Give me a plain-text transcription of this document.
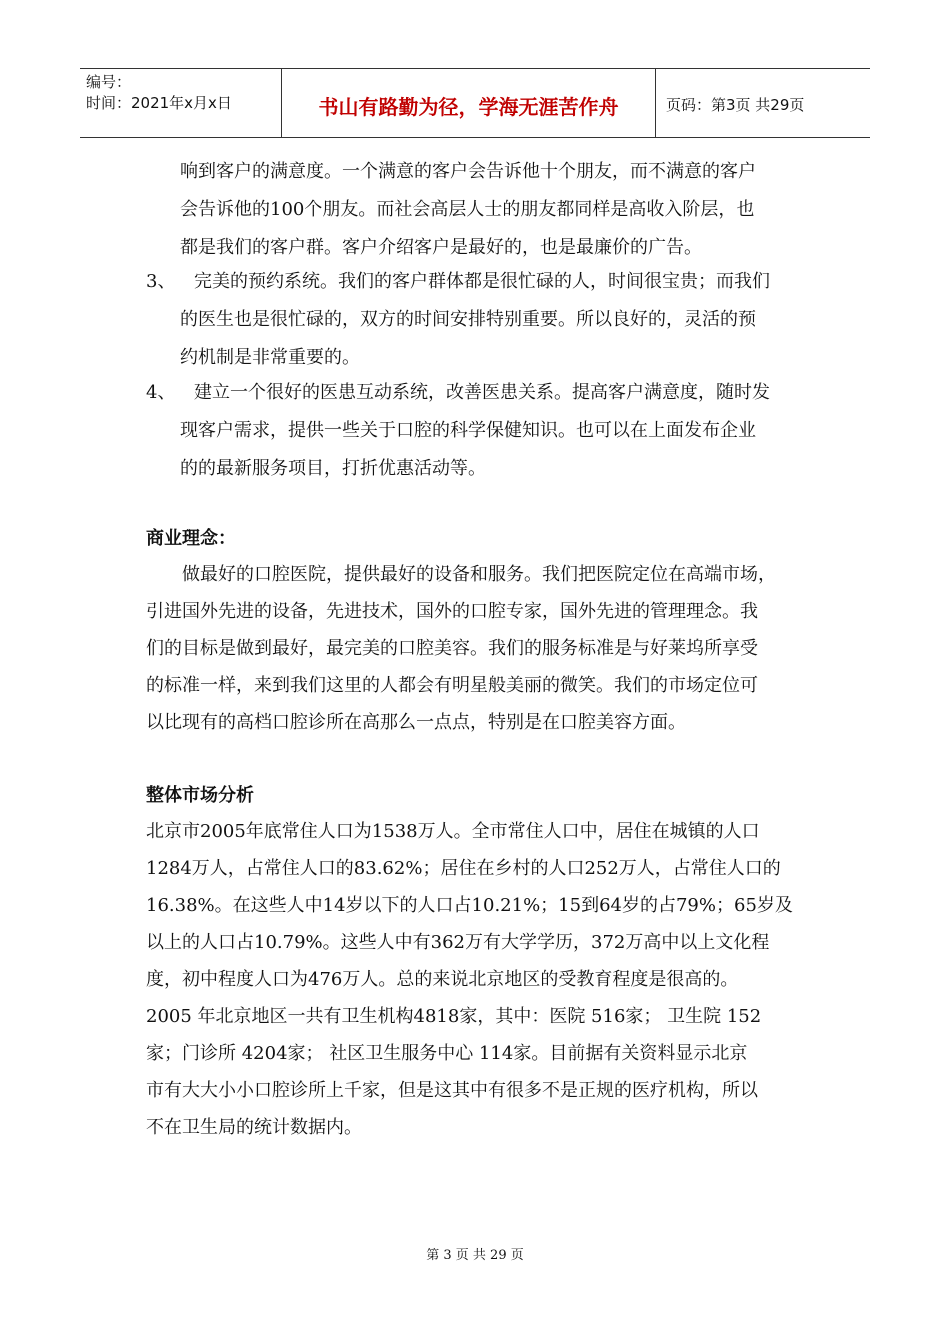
编号：
时间：2021年x月x日	书山有路勤为径，学海无涯苦作舟	页码：第3页 共29页
响到客户的满意度。一个满意的客户会告诉他十个朋友，而不满意的客户
会告诉他的100个朋友。而社会高层人士的朋友都同样是高收入阶层，也
都是我们的客户群。客户介绍客户是最好的，也是最廉价的广告。
3、 完美的预约系统。我们的客户群体都是很忙碌的人，时间很宝贵；而我们
的医生也是很忙碌的，双方的时间安排特别重要。所以良好的，灵活的预
约机制是非常重要的。
4、 建立一个很好的医患互动系统，改善医患关系。提高客户满意度，随时发
现客户需求，提供一些关于口腔的科学保健知识。也可以在上面发布企业
的的最新服务项目，打折优惠活动等。
商业理念：
做最好的口腔医院，提供最好的设备和服务。我们把医院定位在高端市场，
引进国外先进的设备，先进技术，国外的口腔专家，国外先进的管理理念。我
们的目标是做到最好，最完美的口腔美容。我们的服务标准是与好莱坞所享受
的标准一样，来到我们这里的人都会有明星般美丽的微笑。我们的市场定位可
以比现有的高档口腔诊所在高那么一点点，特别是在口腔美容方面。
整体市场分析
北京市2005年底常住人口为1538万人。全市常住人口中，居住在城镇的人口
1284万人，占常住人口的83.62%；居住在乡村的人口252万人，占常住人口的
16.38%。在这些人中14岁以下的人口占10.21%；15到64岁的占79%；65岁及
以上的人口占10.79%。这些人中有362万有大学学历，372万高中以上文化程
度，初中程度人口为476万人。总的来说北京地区的受教育程度是很高的。
2005 年北京地区一共有卫生机构4818家，其中：医院 516家； 卫生院 152
家；门诊所 4204家； 社区卫生服务中心 114家。目前据有关资料显示北京
市有大大小小口腔诊所上千家，但是这其中有很多不是正规的医疗机构，所以
不在卫生局的统计数据内。
第 3 页 共 29 页
